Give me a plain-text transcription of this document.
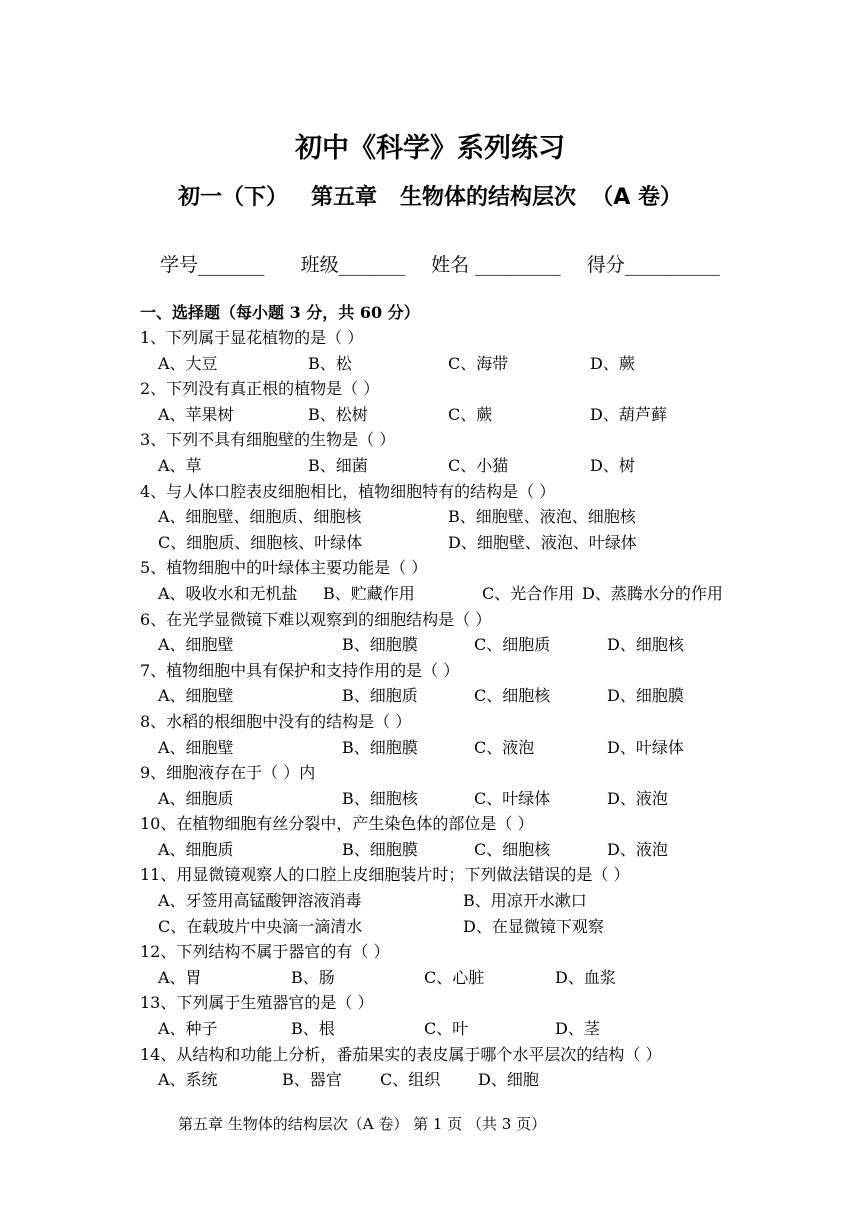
初中《科学》系列练习
初一（下）   第五章   生物体的结构层次  （A 卷）
学号_______ 班级_______ 姓名 _________ 得分__________
一、选择题（每小题 3 分，共 60 分）
1、下列属于显花植物的是（ ）
A、大豆	B、松	C、海带	D、蕨
2、下列没有真正根的植物是（ ）
A、苹果树	B、松树	C、蕨	D、葫芦藓
3、下列不具有细胞壁的生物是（ ）
A、草	B、细菌	C、小猫	D、树
4、与人体口腔表皮细胞相比，植物细胞特有的结构是（ ）
A、细胞壁、细胞质、细胞核	B、细胞壁、液泡、细胞核
C、细胞质、细胞核、叶绿体	D、细胞壁、液泡、叶绿体
5、植物细胞中的叶绿体主要功能是（ ）
A、吸收水和无机盐 B、贮藏作用	C、光合作用 D、蒸腾水分的作用
6、在光学显微镜下难以观察到的细胞结构是（ ）
A、细胞壁	B、细胞膜	C、细胞质	D、细胞核
7、植物细胞中具有保护和支持作用的是（ ）
A、细胞壁	B、细胞质	C、细胞核	D、细胞膜
8、水稻的根细胞中没有的结构是（ ）
A、细胞壁	B、细胞膜	C、液泡	D、叶绿体
9、细胞液存在于（ ）内
A、细胞质	B、细胞核	C、叶绿体	D、液泡
10、在植物细胞有丝分裂中，产生染色体的部位是（ ）
A、细胞质	B、细胞膜	C、细胞核	D、液泡
11、用显微镜观察人的口腔上皮细胞装片时；下列做法错误的是（ ）
A、牙签用高锰酸钾溶液消毒	B、用凉开水漱口
C、在载玻片中央滴一滴清水	D、在显微镜下观察
12、下列结构不属于器官的有（ ）
A、胃	B、肠	C、心脏	D、血浆
13、下列属于生殖器官的是（ ）
A、种子	B、根	C、叶	D、茎
14、从结构和功能上分析，番茄果实的表皮属于哪个水平层次的结构（ ）
A、系统	B、器官 C、组织 D、细胞
第五章 生物体的结构层次（A 卷） 第 1 页 （共 3 页）
